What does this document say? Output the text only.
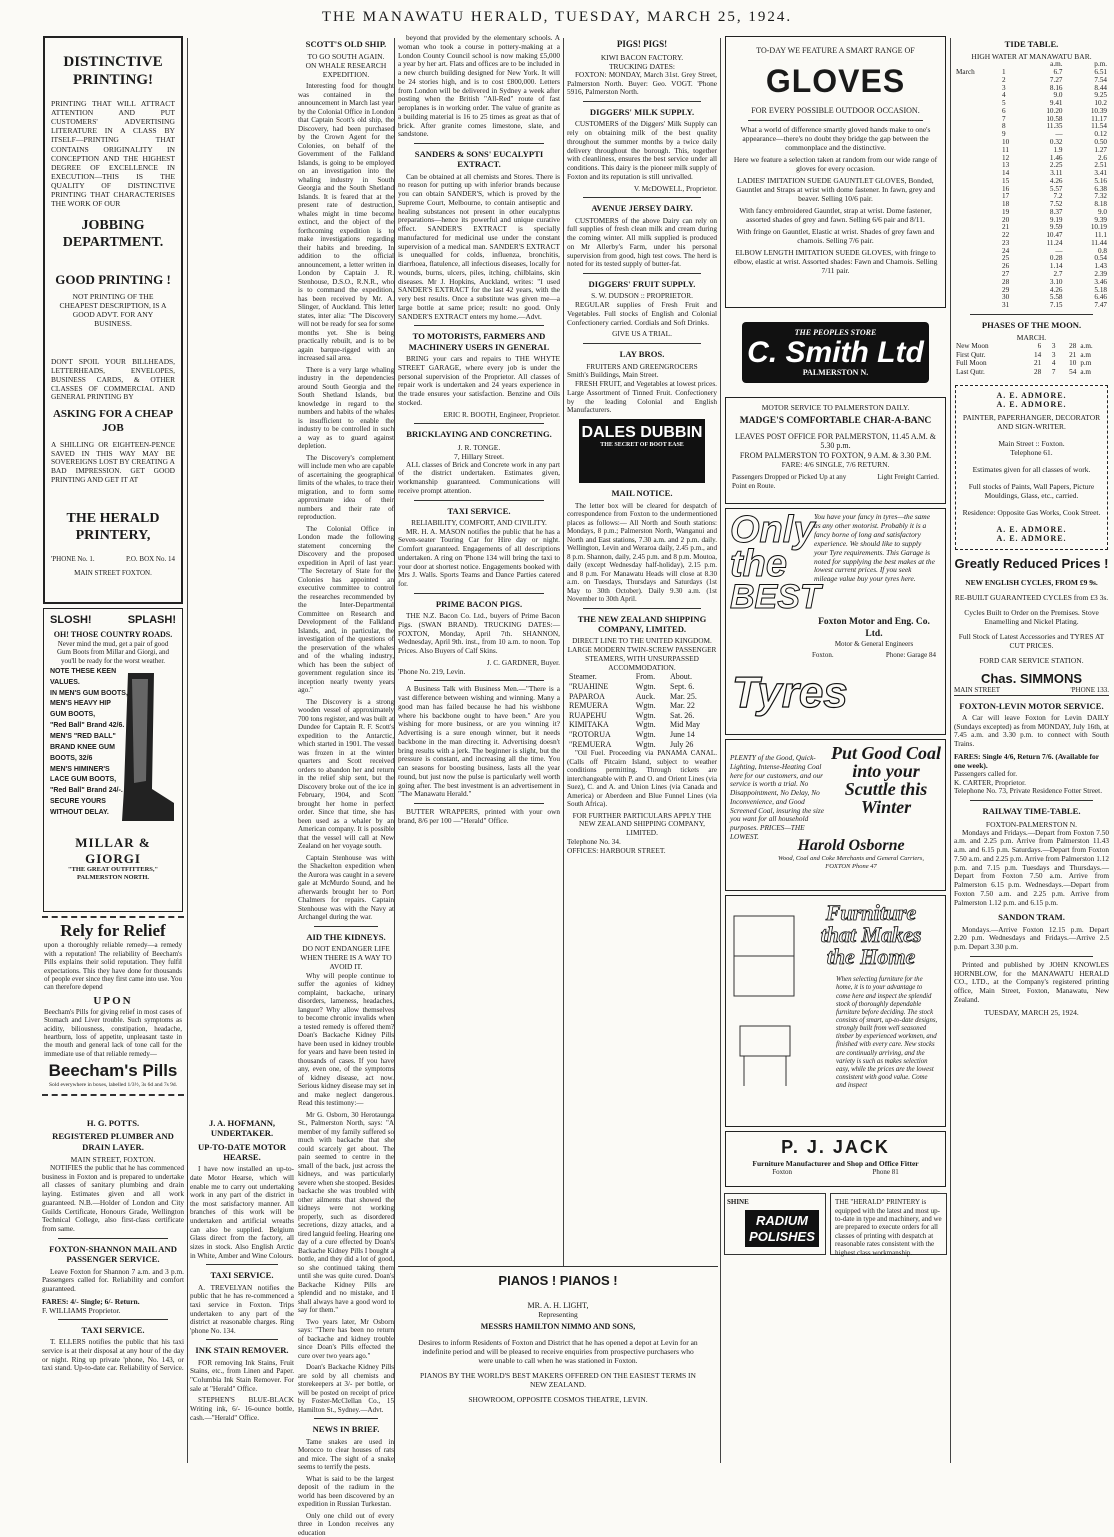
THE MANAWATU HERALD, TUESDAY, MARCH 25, 1924.
DISTINCTIVE PRINTING!

PRINTING THAT WILL ATTRACT ATTENTION AND PUT CUSTOMERS' ADVERTISING LITERATURE IN A CLASS BY ITSELF—PRINTING THAT CONTAINS ORIGINALITY IN CONCEPTION AND THE HIGHEST DEGREE OF EXCELLENCE IN EXECUTION—THIS IS THE QUALITY OF DISTINCTIVE PRINTING THAT CHARACTERISES THE WORK OF OUR

JOBBING DEPARTMENT.
GOOD PRINTING !
NOT PRINTING OF THE CHEAPEST DESCRIPTION, IS A GOOD ADVT. FOR ANY BUSINESS.

DON'T SPOIL YOUR BILLHEADS, LETTERHEADS, ENVELOPES, BUSINESS CARDS, & OTHER CLASSES OF COMMERCIAL AND GENERAL PRINTING BY

ASKING FOR A CHEAP JOB

A SHILLING OR EIGHTEEN-PENCE SAVED IN THIS WAY MAY BE SOVEREIGNS LOST BY CREATING A BAD IMPRESSION. GET GOOD PRINTING AND GET IT AT

THE HERALD PRINTERY,
'PHONE No. 1.	P.O. BOX No. 14
MAIN STREET FOXTON.
SLOSH!	SPLASH!
OH! THOSE COUNTRY ROADS.
Never mind the mud, get a pair of good Gum Boots from Millar and Giorgi, and you'll be ready for the worst weather.
NOTE THESE KEEN VALUES.
IN MEN'S GUM BOOTS,
MEN'S HEAVY HIP GUM BOOTS,
"Red Ball" Brand 42/6.
MEN'S "RED BALL" BRAND KNEE GUM BOOTS, 32/6
MEN'S HIMINER'S LACE GUM BOOTS, "Red Ball" Brand 24/-.
SECURE YOURS WITHOUT DELAY.
MILLAR & GIORGI
"THE GREAT OUTFITTERS," PALMERSTON NORTH.
Rely for Relief

upon a thoroughly reliable remedy—a remedy with a reputation! The reliability of Beecham's Pills explains their solid reputation. They fulfil expectations. This they have done for thousands of people ever since they first came into use. You can therefore depend

UPON

Beecham's Pills for giving relief in most cases of Stomach and Liver trouble. Such symptoms as acidity, biliousness, constipation, headache, heartburn, loss of appetite, unpleasant taste in the mouth and general lack of tone call for the immediate use of that reliable remedy—

Beecham's Pills
Sold everywhere in boxes, labelled 1/3½, 3s 6d and 7s 9d.
H. G. POTTS.
REGISTERED PLUMBER AND DRAIN LAYER.
MAIN STREET, FOXTON.

NOTIFIES the public that he has commenced business in Foxton and is prepared to undertake all classes of sanitary plumbing and drain laying. Estimates given and all work guaranteed. N.B.—Holder of London and City Guilds Certificate, Honours Grade, Wellington Technical College, also first-class certificate from same.

FOXTON-SHANNON MAIL AND PASSENGER SERVICE.

Leave Foxton for Shannon 7 a.m. and 3 p.m. Passengers called for. Reliability and comfort guaranteed.

FARES: 4/- Single; 6/- Return.
F. WILLIAMS Proprietor.
TAXI SERVICE.

T. ELLERS notifies the public that his taxi service is at their disposal at any hour of the day or night. Ring up private 'phone, No. 143, or taxi stand. Up-to-date car. Reliability of Service.

J. A. HOFMANN, UNDERTAKER.
UP-TO-DATE MOTOR HEARSE.

I have now installed an up-to-date Motor Hearse, which will enable me to carry out undertaking work in any part of the district in the most satisfactory manner. All branches of this work will be undertaken and artificial wreaths can also be supplied. Belgium Glass direct from the factory, all sizes in stock. Also English Arctic in White, Amber and Wine Colours.

TAXI SERVICE.

A. TREVELYAN notifies the public that he has re-commenced a taxi service in Foxton. Trips undertaken to any part of the district at reasonable charges. Ring 'phone No. 134.

INK STAIN REMOVER.

FOR removing Ink Stains, Fruit Stains, etc., from Linen and Paper. "Columbia Ink Stain Remover. For sale at "Herald" Office.

STEPHEN'S BLUE-BLACK Writing ink, 6/- 16-ounce bottle, cash.—"Herald" Office.

SCOTT'S OLD SHIP.
TO GO SOUTH AGAIN.
ON WHALE RESEARCH EXPEDITION.

Interesting food for thought was contained in the announcement in March last year by the Colonial Office in London that Captain Scott's old ship, the Discovery, had been purchased by the Crown Agent for the Colonies, on behalf of the Government of the Falkland Islands, is going to be employed on an investigation into the whaling industry in South Georgia and the South Shetland Islands. It is feared that at the present rate of destruction, whales might in time become extinct, and the object of the forthcoming expedition is to make investigations regarding their habits and breeding. In addition to the official announcement, a letter written in London by Captain J. R. Stenhouse, D.S.O., R.N.R., who is to command the expedition, has been received by Mr. A. Slinger, of Auckland. This letter states, inter alia: "The Discovery will not be ready for sea for some months yet. She is being practically rebuilt, and is to be again barque-rigged with an increased sail area.

There is a very large whaling industry in the dependencies around South Georgia and the South Shetland Islands, but knowledge in regard to the numbers and habits of the whales is insufficient to enable the industry to be controlled in such a way as to guard against depletion.

The Discovery's complement will include men who are capable of ascertaining the geographical limits of the whales, to trace their migration, and to form some approximate idea of their numbers and their rate of reproduction.

The Colonial Office in London made the following statement concerning the Discovery and the proposed expedition in April of last year: "The Secretary of State for the Colonies has appointed an executive committee to control the researches recommended by the Inter-Departmental Committee on Research and Development of the Falkland Islands, and, in particular, the investigation of the questions of the preservation of the whales and of the whaling industry, which has been the subject of government regulation since its inception nearly twenty years ago."

The Discovery is a strong wooden vessel of approximately 700 tons register, and was built at Dundee for Captain R. F. Scott's expedition to the Antarctic, which started in 1901. The vessel was frozen in at the winter quarters and Scott received orders to abandon her and return in the relief ship sent, but the Discovery broke out of the ice in February, 1904, and Scott brought her home in perfect order. Since that time, she has been used as a whaler by an American company. It is possible that the vessel will call at New Zealand on her voyage south.

Captain Stenhouse was with the Shackelton expedition when the Aurora was caught in a severe gale at McMurdo Sound, and he afterwards brought her to Port Chalmers for repairs. Captain Stenhouse was with the Navy at Archangel during the war.

AID THE KIDNEYS.
DO NOT ENDANGER LIFE WHEN THERE IS A WAY TO AVOID IT.

Why will people continue to suffer the agonies of kidney complaint, backache, urinary disorders, lameness, headaches, languor? Why allow themselves to become chronic invalids when a tested remedy is offered them? Doan's Backache Kidney Pills have been used in kidney trouble for years and have been tested in thousands of cases. If you have any, even one, of the symptoms of kidney disease, act now. Serious kidney disease may set in and make neglect dangerous. Read this testimony:—

Mr G. Osborn, 30 Herotaunga St., Palmerston North, says: "A member of my family suffered so much with backache that she could scarcely get about. The pain seemed to centre in the small of the back, just across the kidneys, and was particularly severe when she stooped. Besides backache she was troubled with other ailments that showed the kidneys were not working properly, such as disordered secretions, dizzy attacks, and a tired languid feeling. Hearing one day of a cure effected by Doan's Backache Kidney Pills I bought a bottle, and they did a lot of good, so she continued taking them until she was quite cured. Doan's Backache Kidney Pills are splendid and no mistake, and I shall always have a good word to say for them."

Two years later, Mr Osborn says: "There has been no return of backache and kidney trouble since Doan's Pills effected the cure over two years ago."

Doan's Backache Kidney Pills are sold by all chemists and storekeepers at 3/- per bottle, or will be posted on receipt of price by Foster-McClellan Co., 15 Hamilton St., Sydney.—Advt.

NEWS IN BRIEF.

Tame snakes are used in Morocco to clear houses of rats and mice. The sight of a snake seems to terrify the pests.

What is said to be the largest deposit of the radium in the world has been discovered by an expedition in Russian Turkestan.

Only one child out of every three in London receives any education

beyond that provided by the elementary schools. A woman who took a course in pottery-making at a London County Council school is now making £5,000 a year by her art. Flats and offices are to be included in a new church building designed for New York. It will be 24 stories high, and is to cost £800,000. Letters from London will be delivered in Sydney a week after posting when the British "All-Red" route of fast aeroplanes is in working order. The value of granite as a building material is 16 to 25 times as great as that of brick. After granite comes limestone, slate, and sandstone.

SANDERS & SONS' EUCALYPTI EXTRACT.

Can be obtained at all chemists and Stores. There is no reason for putting up with inferior brands because you can obtain SANDER'S, which is proved by the Supreme Court, Melbourne, to contain antiseptic and healing substances not present in other eucalyptus preparations—hence its powerful and unique curative effect. SANDER'S EXTRACT is specially manufactured for medicinal use under the constant supervision of a medical man. SANDER'S EXTRACT is unequalled for colds, influenza, bronchitis, diarrhoea, flatulence, all infectious diseases, locally for wounds, burns, ulcers, piles, itching, chilblains, skin diseases. Mr J. Hopkins, Auckland, writes: "I used SANDER'S EXTRACT for the last 42 years, with the very best results. Once a substitute was given me—a large bottle at same price; result: no good. Only SANDER'S EXTRACT enters my home.—Advt.

TO MOTORISTS, FARMERS AND MACHINERY USERS IN GENERAL

BRING your cars and repairs to THE WHYTE STREET GARAGE, where every job is under the personal supervision of the Proprietor. All classes of repair work is undertaken and 24 years experience in the trade ensures your satisfaction. Benzine and Oils stocked.

ERIC R. BOOTH, Engineer, Proprietor.
BRICKLAYING AND CONCRETING.
J. R. TONGE.
7, Hillary Street.

ALL classes of Brick and Concrete work in any part of the district undertaken. Estimates given, workmanship guaranteed. Communications will receive prompt attention.

TAXI SERVICE.
RELIABILITY, COMFORT, AND CIVILITY.

MR. H. A. MASON notifies the public that he has a Seven-seater Touring Car for Hire day or night. Comfort guaranteed. Engagements of all descriptions undertaken. A ring on 'Phone 134 will bring the taxi to your door at shortest notice. Engagements booked with Mrs J. Walls. Sports Teams and Dance Parties catered for.

PRIME BACON PIGS.

THE N.Z. Bacon Co. Ltd., buyers of Prime Bacon Pigs. (SWAN BRAND). TRUCKING DATES:— FOXTON, Monday, April 7th. SHANNON, Wednesday, April 9th. inst., from 10 a.m. to noon. Top Prices. Also Buyers of Calf Skins.

J. C. GARDNER, Buyer.
'Phone No. 219, Levin.

A Business Talk with Business Men.—"There is a vast difference between wishing and winning. Many a good man has failed because he had his wishbone where his backbone ought to have been." Are you wishing for more business, or are you winning it? Advertising is a sure enough winner, but it needs backbone in the man directing it. Advertising doesn't bring results with a jerk. The beginner is slight, but the pressure is constant, and increasing all the time. You can seasons for boosting business, lasts all the year round, but just now the pulse is particularly well worth going after. The best investment is an advertisement in "The Manawatu Herald."

BUTTER WRAPPERS, printed with your own brand, 8/6 per 100 —"Herald" Office.

PIGS! PIGS!
KIWI BACON FACTORY.
TRUCKING DATES:

FOXTON: MONDAY, March 31st. Grey Street, Palmerston North. Buyer: Geo. VOGT. 'Phone 5916, Palmerston North.

DIGGERS' MILK SUPPLY.

CUSTOMERS of the Diggers' Milk Supply can rely on obtaining milk of the best quality throughout the summer months by a twice daily delivery throughout the borough. This, together with cleanliness, ensures the best service under all conditions. This dairy is the pioneer milk supply of Foxton and its reputation is still unrivalled.

V. McDOWELL, Proprietor.
AVENUE JERSEY DAIRY.

CUSTOMERS of the above Dairy can rely on full supplies of fresh clean milk and cream during the coming winter. All milk supplied is produced on Mr Allerby's Farm, under his personal supervision from good, high test cows. The herd is noted for its tested supply of butter-fat.

DIGGERS' FRUIT SUPPLY.
S. W. DUDSON :: PROPRIETOR.

REGULAR supplies of Fresh Fruit and Vegetables. Full stocks of English and Colonial Confectionery carried. Cordials and Soft Drinks.

GIVE US A TRIAL.
LAY BROS.
FRUITERS AND GREENGROCERS
Smith's Buildings, Main Street.

FRESH FRUIT, and Vegetables at lowest prices. Large Assortment of Tinned Fruit. Confectionery by the leading Colonial and English Manufacturers.

DALES DUBBIN
THE SECRET OF BOOT EASE
MAIL NOTICE.

The letter box will be cleared for despatch of correspondence from Foxton to the undermentioned places as follows:— All North and South stations: Mondays, 8 p.m.; Palmerston North, Wanganui and North and East stations, 7.30 a.m. and 2 p.m. daily. Wellington, Levin and Weraroa daily, 2.45 p.m., and 8 p.m. Shannon, daily, 2.45 p.m. and 8 p.m. Moutoa, daily (except Wednesday half-holiday), 2.15 p.m. and 8 p.m. For Manawatu Heads will close at 8.30 a.m. on Tuesdays, Thursdays and Saturdays (1st May to 30th October). Daily 9.30 a.m. (1st November to 30th April.

THE NEW ZEALAND SHIPPING COMPANY, LIMITED.
DIRECT LINE TO THE UNITED KINGDOM.
LARGE MODERN TWIN-SCREW PASSENGER STEAMERS, WITH UNSURPASSED ACCOMMODATION.
Steamer.	From.	About.
"RUAHINE	Wgtn.	Sept. 6.
PAPAROA	Auck.	Mar. 25.
REMUERA	Wgtn.	Mar. 22
RUAPEHU	Wgtn.	Sat. 26.
KIMITAKA	Wgtn.	Mid May
"ROTORUA	Wgtn.	June 14
"REMUERA	Wgtn.	July 26

"Oil Fuel. Proceeding via PANAMA CANAL. (Calls off Pitcairn Island, subject to weather conditions permitting. Through tickets are interchangeable with P. and O. and Orient Lines (via Suez), C. and A. and Union Lines (via Canada and America) or Aberdeen and Blue Funnel Lines (via South Africa).

FOR FURTHER PARTICULARS APPLY THE NEW ZEALAND SHIPPING COMPANY, LIMITED.
Telephone No. 34.
OFFICES: HARBOUR STREET.
PIANOS ! PIANOS !
MR. A. H. LIGHT,
Representing
MESSRS HAMILTON NIMMO AND SONS,
Desires to inform Residents of Foxton and District that he has opened a depot at Levin for an indefinite period and will be pleased to receive enquiries from prospective purchasers who were unable to call when he was stationed in Foxton.
PIANOS BY THE WORLD'S BEST MAKERS OFFERED ON THE EASIEST TERMS IN NEW ZEALAND.
SHOWROOM, OPPOSITE COSMOS THEATRE, LEVIN.
TO-DAY WE FEATURE A SMART RANGE OF
GLOVES
FOR EVERY POSSIBLE OUTDOOR OCCASION.

What a world of difference smartly gloved hands make to one's appearance—there's no doubt they bridge the gap between the commonplace and the distinctive.

Here we feature a selection taken at random from our wide range of gloves for every occasion.

LADIES' IMITATION SUEDE GAUNTLET GLOVES, Bonded, Gauntlet and Straps at wrist with dome fastener. In fawn, grey and beaver. Selling 10/6 pair.

With fancy embroidered Gauntlet, strap at wrist. Dome fastener, assorted shades of grey and fawn. Selling 6/6 pair and 8/11.

With fringe on Gauntlet, Elastic at wrist. Shades of grey fawn and chamois. Selling 7/6 pair.

ELBOW LENGTH IMITATION SUEDE GLOVES, with fringe to elbow, elastic at wrist. Assorted shades: Fawn and Chamois. Selling 7/11 pair.

THE PEOPLES STORE
C. Smith Ltd
PALMERSTON N.
MOTOR SERVICE TO PALMERSTON DAILY.
MADGE'S COMFORTABLE CHAR-A-BANC
LEAVES POST OFFICE FOR PALMERSTON, 11.45 A.M. & 5.30 p.m.
FROM PALMERSTON TO FOXTON, 9 A.M. & 3.30 P.M.
FARE: 4/6 SINGLE, 7/6 RETURN.
Passengers Dropped or Picked Up at any Point en Route.
Light Freight Carried.
Only
the
BEST
You have your fancy in tyres—the same as any other motorist. Probably it is a fancy borne of long and satisfactory experience. We should like to supply your Tyre requirements. This Garage is noted for supplying the best makes at the lowest current prices. If you seek mileage value buy your tyres here.
Foxton Motor and Eng. Co. Ltd.
Motor & General Engineers
Foxton.	Phone: Garage 84
Tyres
Put Good Coal into your Scuttle this Winter
PLENTY of the Good, Quick-Lighting, Intense-Heating Coal here for our customers, and our service is worth a trial. No Disappointment, No Delay, No Inconvenience, and Good Screened Coal, insuring the size you want for all household purposes. PRICES—THE LOWEST.
Harold Osborne
Wood, Coal and Coke Merchants and General Carriers, FOXTON Phone 47
Furniture that Makes the Home
When selecting furniture for the home, it is to your advantage to come here and inspect the splendid stock of thoroughly dependable furniture before deciding. The stock consists of smart, up-to-date designs, strongly built from well seasoned timber by experienced workmen, and finished with every care. New stocks are continually arriving, and the variety is such as makes selection easy, while the prices are the lowest consistent with good value. Come and inspect
P. J. JACK
Furniture Manufacturer and Shop and Office Fitter
Foxton	Phone 81
SHINE
RADIUM POLISHES
THE "HERALD" PRINTERY is equipped with the latest and most up-to-date in type and machinery, and we are prepared to execute orders for all classes of printing with despatch at reasonable rates consistent with the highest class workmanship.
TIDE TABLE.
HIGH WATER AT MANAWATU BAR.
		a.m.	p.m.
March	1	6.7	6.51
	2	7.27	7.54
	3	8.16	8.44
	4	9.0	9.25
	5	9.41	10.2
	6	10.20	10.39
	7	10.58	11.17
	8	11.35	11.54
	9	—	0.12
	10	0.32	0.50
	11	1.9	1.27
	12	1.46	2.6
	13	2.25	2.51
	14	3.11	3.41
	15	4.26	5.16
	16	5.57	6.38
	17	7.2	7.32
	18	7.52	8.18
	19	8.37	9.0
	20	9.19	9.39
	21	9.59	10.19
	22	10.47	11.1
	23	11.24	11.44
	24	—	0.8
	25	0.28	0.54
	26	1.14	1.43
	27	2.7	2.39
	28	3.10	3.46
	29	4.26	5.18
	30	5.58	6.46
	31	7.15	7.47
PHASES OF THE MOON.
MARCH.
New Moon	6	3	28	a.m.
First Qutr.	14	3	21	a.m
Full Moon	21	4	10	p.m
Last Qutr.	28	7	54	a.m
A. E. ADMORE.
A. E. ADMORE.
PAINTER, PAPERHANGER, DECORATOR AND SIGN-WRITER.
Main Street :: Foxton.
Telephone 61.
Estimates given for all classes of work.
Full stocks of Paints, Wall Papers, Picture Mouldings, Glass, etc., carried.
Residence: Opposite Gas Works, Cook Street.
A. E. ADMORE.
A. E. ADMORE.
Greatly Reduced Prices !
NEW ENGLISH CYCLES, FROM £9 9s.
RE-BUILT GUARANTEED CYCLES from £3 3s.
Cycles Built to Order on the Premises. Stove Enamelling and Nickel Plating.
Full Stock of Latest Accessories and TYRES AT CUT PRICES.
FORD CAR SERVICE STATION.
Chas. SIMMONS
MAIN STREET	'PHONE 133.
FOXTON-LEVIN MOTOR SERVICE.

A Car will leave Foxton for Levin DAILY (Sundays excepted) as from MONDAY, July 16th, at 7.45 a.m. and 3.30 p.m. to connect with South Trains.

FARES: Single 4/6, Return 7/6. (Available for one week).
Passengers called for.
K. CARTER, Proprietor.
Telephone No. 73, Private Residence Fotter Street.
RAILWAY TIME-TABLE.
FOXTON-PALMERSTON N.

Mondays and Fridays.—Depart from Foxton 7.50 a.m. and 2.25 p.m. Arrive from Palmerston 11.43 a.m. and 6.15 p.m. Saturdays.—Depart from Foxton 7.50 a.m. and 2.25 p.m. Arrive from Palmerston 1.12 p.m. and 7.15 p.m. Tuesdays and Thursdays.—Depart from Foxton 7.50 a.m. Arrive from Palmerston 6.15 p.m. Wednesdays.—Depart from Foxton 7.50 a.m. and 2.25 p.m. Arrive from Palmerston 1.12 p.m. and 6.15 p.m.

SANDON TRAM.

Mondays.—Arrive Foxton 12.15 p.m. Depart 2.20 p.m. Wednesdays and Fridays.—Arrive 2.5 p.m. Depart 3.30 p.m.

Printed and published by JOHN KNOWLES HORNBLOW, for the MANAWATU HERALD CO., LTD., at the Company's registered printing office, Main Street, Foxton, Manawatu, New Zealand.

TUESDAY, MARCH 25, 1924.
